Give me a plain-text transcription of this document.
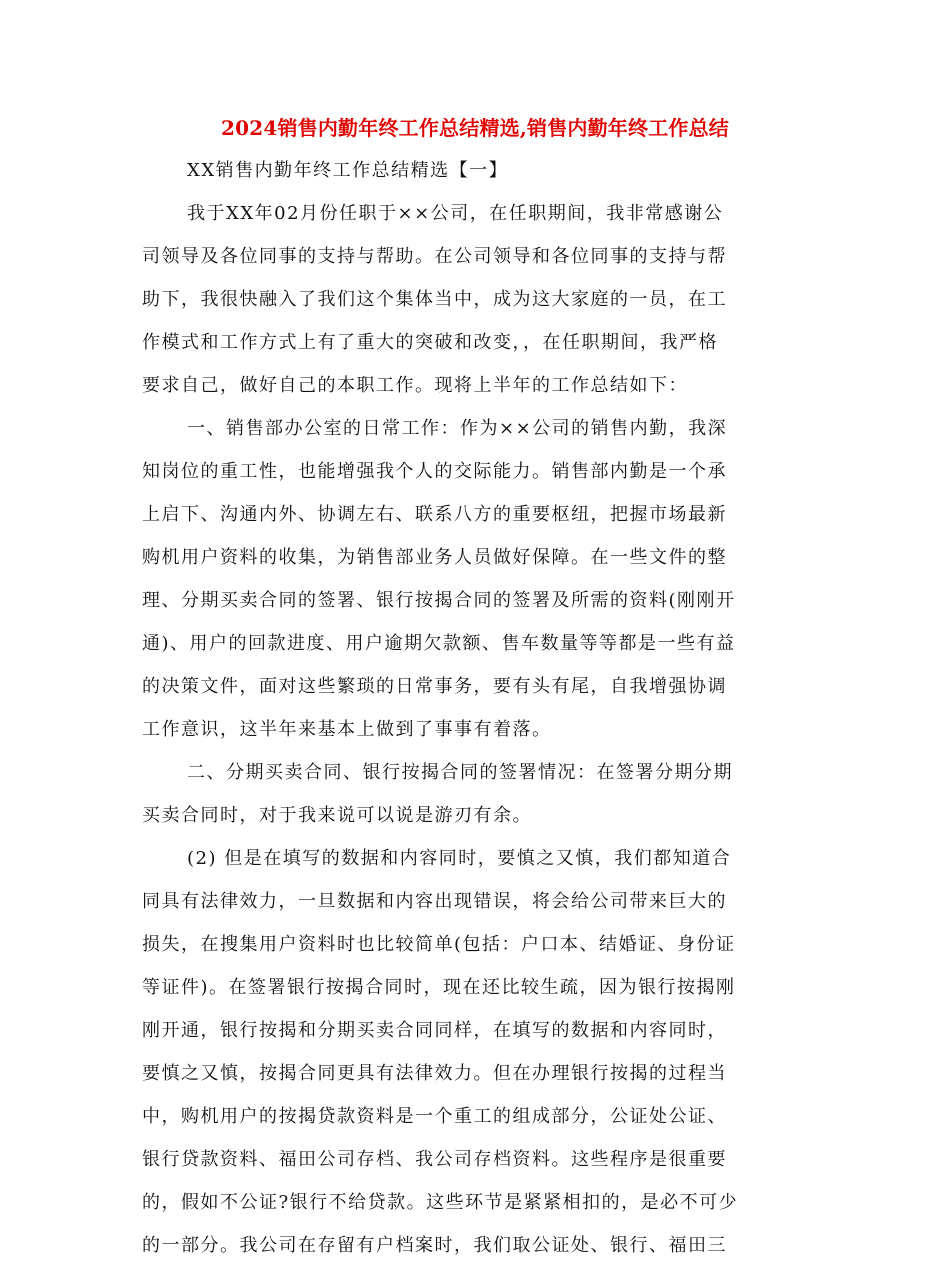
2024销售内勤年终工作总结精选,销售内勤年终工作总结
XX销售内勤年终工作总结精选【一】
我于XX年02月份任职于××公司，在任职期间，我非常感谢公
司领导及各位同事的支持与帮助。在公司领导和各位同事的支持与帮
助下，我很快融入了我们这个集体当中，成为这大家庭的一员，在工
作模式和工作方式上有了重大的突破和改变，，在任职期间，我严格
要求自己，做好自己的本职工作。现将上半年的工作总结如下：
一、销售部办公室的日常工作：作为××公司的销售内勤，我深
知岗位的重工性，也能增强我个人的交际能力。销售部内勤是一个承
上启下、沟通内外、协调左右、联系八方的重要枢纽，把握市场最新
购机用户资料的收集，为销售部业务人员做好保障。在一些文件的整
理、分期买卖合同的签署、银行按揭合同的签署及所需的资料(刚刚开
通)、用户的回款进度、用户逾期欠款额、售车数量等等都是一些有益
的决策文件，面对这些繁琐的日常事务，要有头有尾，自我增强协调
工作意识，这半年来基本上做到了事事有着落。
二、分期买卖合同、银行按揭合同的签署情况：在签署分期分期
买卖合同时，对于我来说可以说是游刃有余。
(2) 但是在填写的数据和内容同时，要慎之又慎，我们都知道合
同具有法律效力，一旦数据和内容出现错误，将会给公司带来巨大的
损失，在搜集用户资料时也比较简单(包括：户口本、结婚证、身份证
等证件)。在签署银行按揭合同时，现在还比较生疏，因为银行按揭刚
刚开通，银行按揭和分期买卖合同同样，在填写的数据和内容同时，
要慎之又慎，按揭合同更具有法律效力。但在办理银行按揭的过程当
中，购机用户的按揭贷款资料是一个重工的组成部分，公证处公证、
银行贷款资料、福田公司存档、我公司存档资料。这些程序是很重要
的，假如不公证?银行不给贷款。这些环节是紧紧相扣的，是必不可少
的一部分。我公司在存留有户档案时，我们取公证处、银行、福田三
